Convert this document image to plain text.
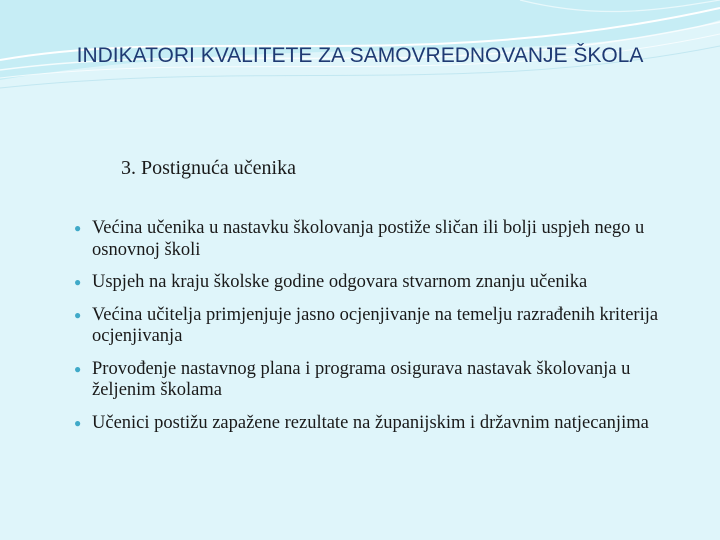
INDIKATORI KVALITETE ZA SAMOVREDNOVANJE ŠKOLA
3. Postignuća učenika
● Većina učenika u nastavku školovanja postiže sličan ili bolji uspjeh nego u osnovnoj školi
● Uspjeh na kraju školske godine odgovara stvarnom znanju učenika
● Većina učitelja primjenjuje jasno ocjenjivanje na temelju razrađenih kriterija ocjenjivanja
● Provođenje nastavnog plana i programa osigurava nastavak školovanja u željenim školama
● Učenici postižu zapažene rezultate na županijskim i državnim natjecanjima
